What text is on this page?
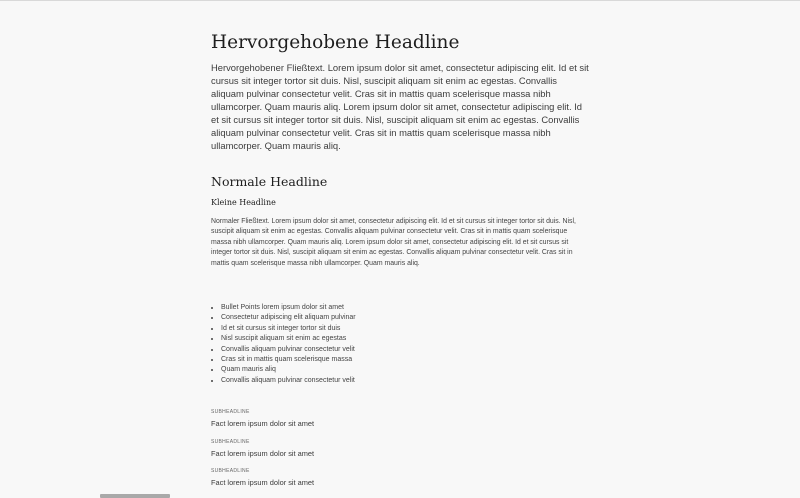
Hervorgehobene Headline

Hervorgehobener Fließtext. Lorem ipsum dolor sit amet, consectetur adipiscing elit. Id et sit cursus sit integer tortor sit duis. Nisl, suscipit aliquam sit enim ac egestas. Convallis aliquam pulvinar consectetur velit. Cras sit in mattis quam scelerisque massa nibh ullamcorper. Quam mauris aliq. Lorem ipsum dolor sit amet, consectetur adipiscing elit. Id et sit cursus sit integer tortor sit duis. Nisl, suscipit aliquam sit enim ac egestas. Convallis aliquam pulvinar consectetur velit. Cras sit in mattis quam scelerisque massa nibh ullamcorper. Quam mauris aliq.

Normale Headline
Kleine Headline

Normaler Fließtext. Lorem ipsum dolor sit amet, consectetur adipiscing elit. Id et sit cursus sit integer tortor sit duis. Nisl, suscipit aliquam sit enim ac egestas. Convallis aliquam pulvinar consectetur velit. Cras sit in mattis quam scelerisque massa nibh ullamcorper. Quam mauris aliq. Lorem ipsum dolor sit amet, consectetur adipiscing elit. Id et sit cursus sit integer tortor sit duis. Nisl, suscipit aliquam sit enim ac egestas. Convallis aliquam pulvinar consectetur velit. Cras sit in mattis quam scelerisque massa nibh ullamcorper. Quam mauris aliq.

• Bullet Points lorem ipsum dolor sit amet
• Consectetur adipiscing elit aliquam pulvinar
• Id et sit cursus sit integer tortor sit duis
• Nisl suscipit aliquam sit enim ac egestas
• Convallis aliquam pulvinar consectetur velit
• Cras sit in mattis quam scelerisque massa
• Quam mauris aliq
• Convallis aliquam pulvinar consectetur velit
SUBHEADLINE
Fact lorem ipsum dolor sit amet
SUBHEADLINE
Fact lorem ipsum dolor sit amet
SUBHEADLINE
Fact lorem ipsum dolor sit amet
